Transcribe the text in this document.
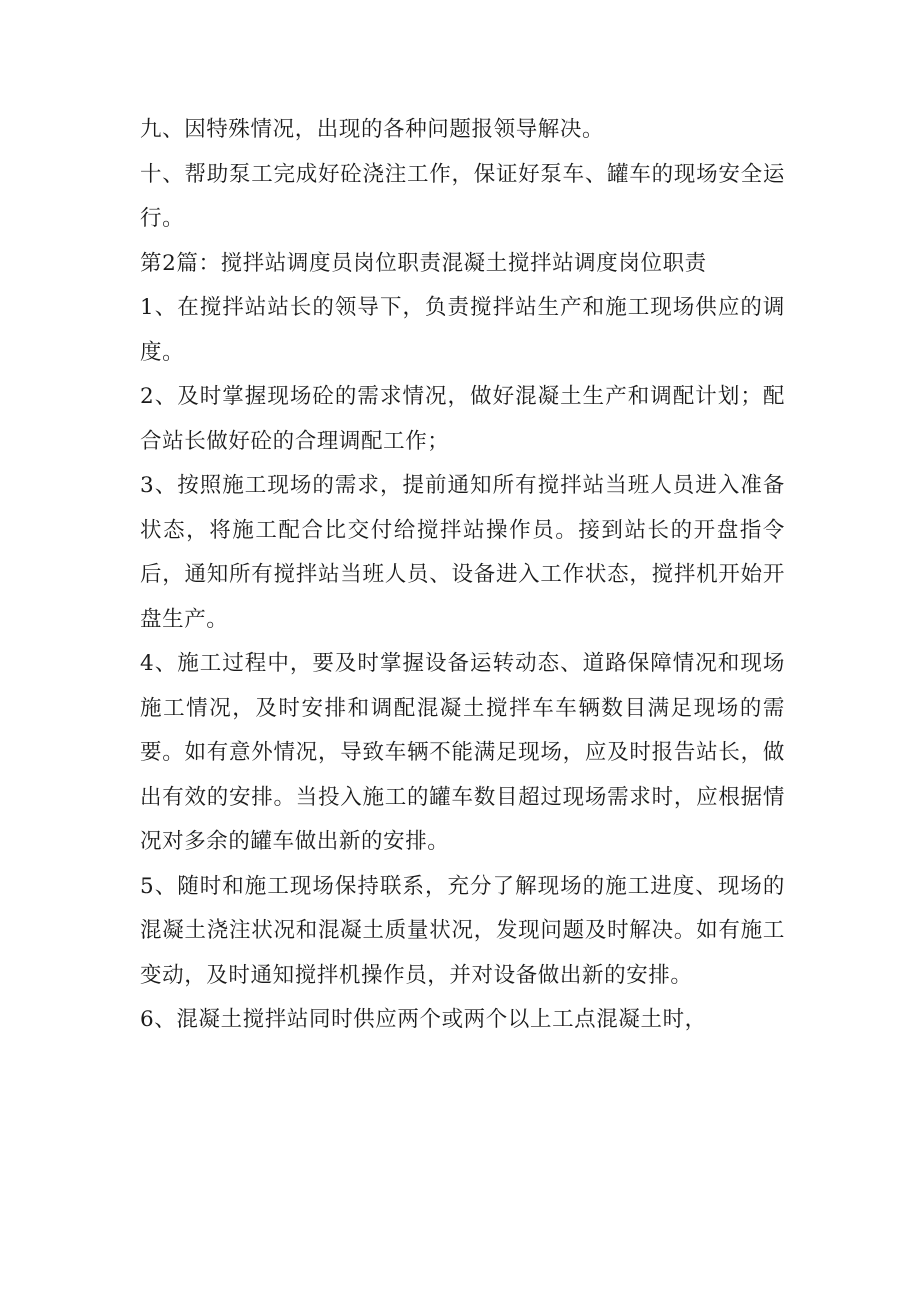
九、因特殊情况，出现的各种问题报领导解决。

十、帮助泵工完成好砼浇注工作，保证好泵车、罐车的现场安全运行。

第2篇：搅拌站调度员岗位职责混凝土搅拌站调度岗位职责

1、在搅拌站站长的领导下，负责搅拌站生产和施工现场供应的调度。

2、及时掌握现场砼的需求情况，做好混凝土生产和调配计划；配合站长做好砼的合理调配工作；

3、按照施工现场的需求，提前通知所有搅拌站当班人员进入准备状态，将施工配合比交付给搅拌站操作员。接到站长的开盘指令后，通知所有搅拌站当班人员、设备进入工作状态，搅拌机开始开盘生产。

4、施工过程中，要及时掌握设备运转动态、道路保障情况和现场施工情况，及时安排和调配混凝土搅拌车车辆数目满足现场的需要。如有意外情况，导致车辆不能满足现场，应及时报告站长，做出有效的安排。当投入施工的罐车数目超过现场需求时，应根据情况对多余的罐车做出新的安排。

5、随时和施工现场保持联系，充分了解现场的施工进度、现场的混凝土浇注状况和混凝土质量状况，发现问题及时解决。如有施工变动，及时通知搅拌机操作员，并对设备做出新的安排。

6、混凝土搅拌站同时供应两个或两个以上工点混凝土时，
